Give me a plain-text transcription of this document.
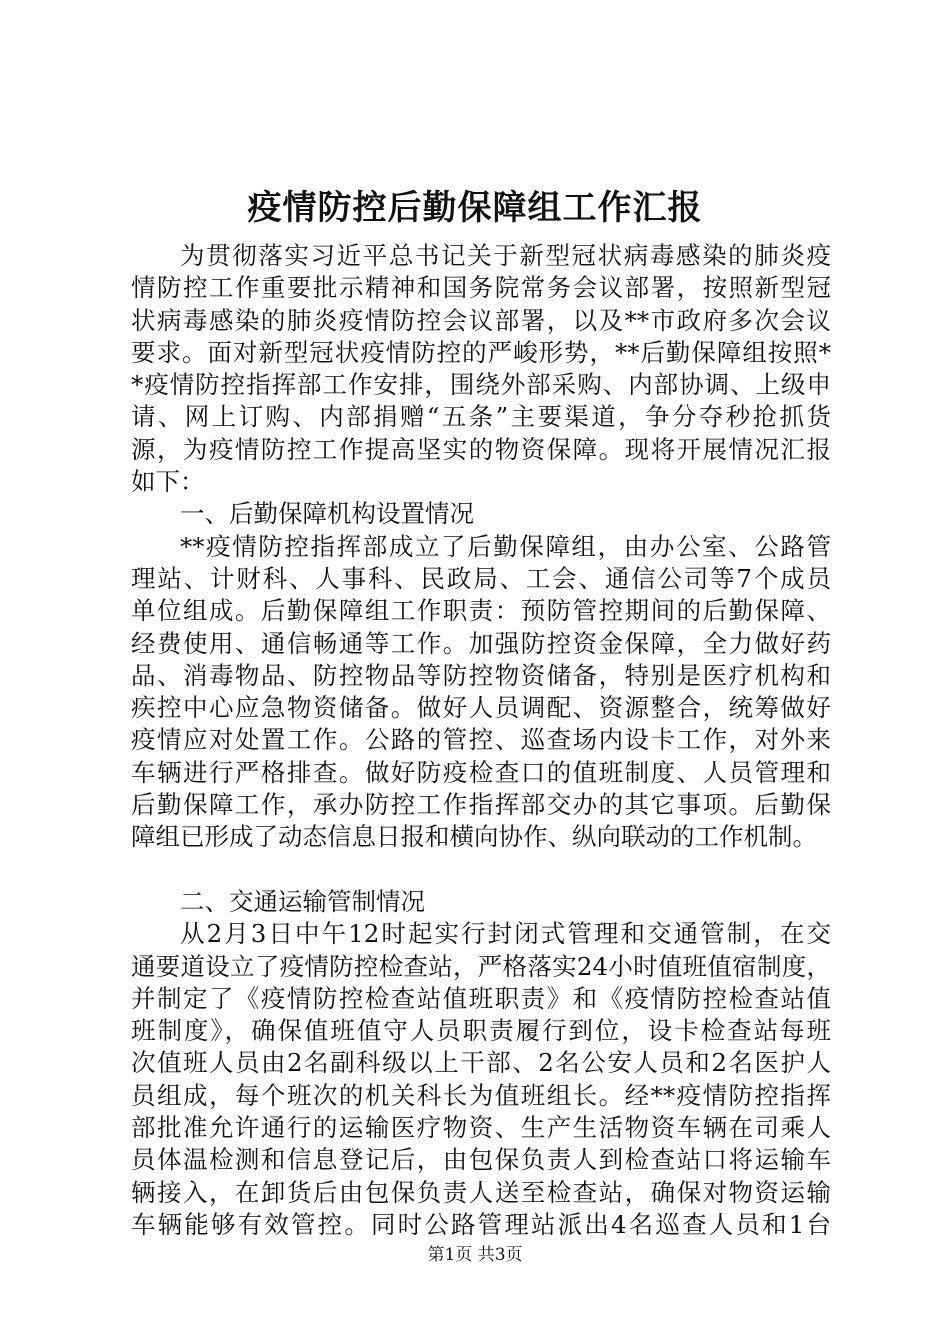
疫情防控后勤保障组工作汇报
为贯彻落实习近平总书记关于新型冠状病毒感染的肺炎疫
情防控工作重要批示精神和国务院常务会议部署，按照新型冠
状病毒感染的肺炎疫情防控会议部署，以及**市政府多次会议
要求。面对新型冠状疫情防控的严峻形势，**后勤保障组按照*
*疫情防控指挥部工作安排，围绕外部采购、内部协调、上级申
请、网上订购、内部捐赠“五条”主要渠道，争分夺秒抢抓货
源，为疫情防控工作提高坚实的物资保障。现将开展情况汇报
如下：
一、后勤保障机构设置情况
**疫情防控指挥部成立了后勤保障组，由办公室、公路管
理站、计财科、人事科、民政局、工会、通信公司等7个成员
单位组成。后勤保障组工作职责：预防管控期间的后勤保障、
经费使用、通信畅通等工作。加强防控资金保障，全力做好药
品、消毒物品、防控物品等防控物资储备，特别是医疗机构和
疾控中心应急物资储备。做好人员调配、资源整合，统筹做好
疫情应对处置工作。公路的管控、巡查场内设卡工作，对外来
车辆进行严格排查。做好防疫检查口的值班制度、人员管理和
后勤保障工作，承办防控工作指挥部交办的其它事项。后勤保
障组已形成了动态信息日报和横向协作、纵向联动的工作机制。
二、交通运输管制情况
从2月3日中午12时起实行封闭式管理和交通管制，在交
通要道设立了疫情防控检查站，严格落实24小时值班值宿制度，
并制定了《疫情防控检查站值班职责》和《疫情防控检查站值
班制度》，确保值班值守人员职责履行到位，设卡检查站每班
次值班人员由2名副科级以上干部、2名公安人员和2名医护人
员组成，每个班次的机关科长为值班组长。经**疫情防控指挥
部批准允许通行的运输医疗物资、生产生活物资车辆在司乘人
员体温检测和信息登记后，由包保负责人到检查站口将运输车
辆接入，在卸货后由包保负责人送至检查站，确保对物资运输
车辆能够有效管控。同时公路管理站派出4名巡查人员和1台
第1页 共3页
